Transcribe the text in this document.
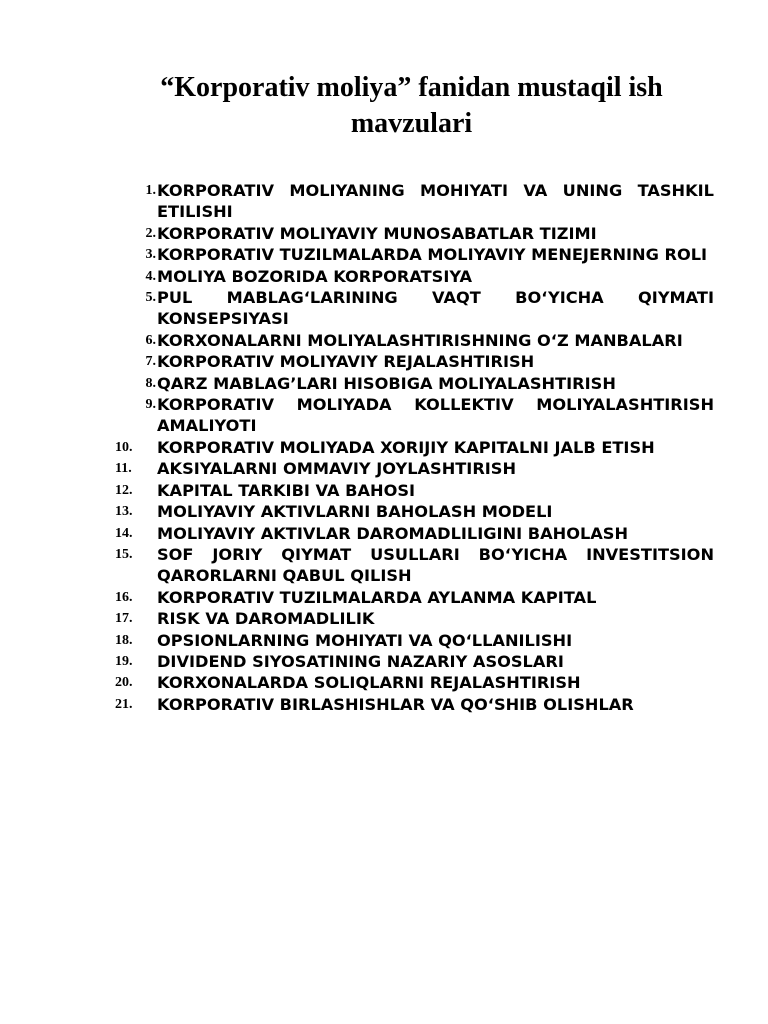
“Korporativ moliya” fanidan mustaqil ish
mavzulari
1. KORPORATIV MOLIYANING MOHIYATI VA UNING TASHKIL ETILISHI
2. KORPORATIV MOLIYAVIY MUNOSABATLAR TIZIMI
3. KORPORATIV TUZILMALARDA MOLIYAVIY MENEJERNING ROLI
4. MOLIYA BOZORIDA KORPORATSIYA
5. PUL MABLAG‘LARINING VAQT BO‘YICHA QIYMATI KONSEPSIYASI
6. KORXONALARNI MOLIYALASHTIRISHNING O‘Z MANBALARI
7. KORPORATIV MOLIYAVIY REJALASHTIRISH
8. QARZ MABLAG’LARI HISOBIGA MOLIYALASHTIRISH
9. KORPORATIV MOLIYADA KOLLEKTIV MOLIYALASHTIRISH AMALIYOTI
10.	KORPORATIV MOLIYADA XORIJIY KAPITALNI JALB ETISH
11.	AKSIYALARNI OMMAVIY JOYLASHTIRISH
12.	KAPITAL TARKIBI VA BAHOSI
13.	MOLIYAVIY AKTIVLARNI BAHOLASH MODELI
14.	MOLIYAVIY AKTIVLAR DAROMADLILIGINI BAHOLASH
15.	SOF JORIY QIYMAT USULLARI BO‘YICHA INVESTITSION QARORLARNI QABUL QILISH
16.	KORPORATIV TUZILMALARDA AYLANMA KAPITAL
17.	RISK VA DAROMADLILIK
18.	OPSIONLARNING MOHIYATI VA QO‘LLANILISHI
19.	DIVIDEND SIYOSATINING NAZARIY ASOSLARI
20.	KORXONALARDA SOLIQLARNI REJALASHTIRISH
21.	KORPORATIV BIRLASHISHLAR VA QO‘SHIB OLISHLAR
